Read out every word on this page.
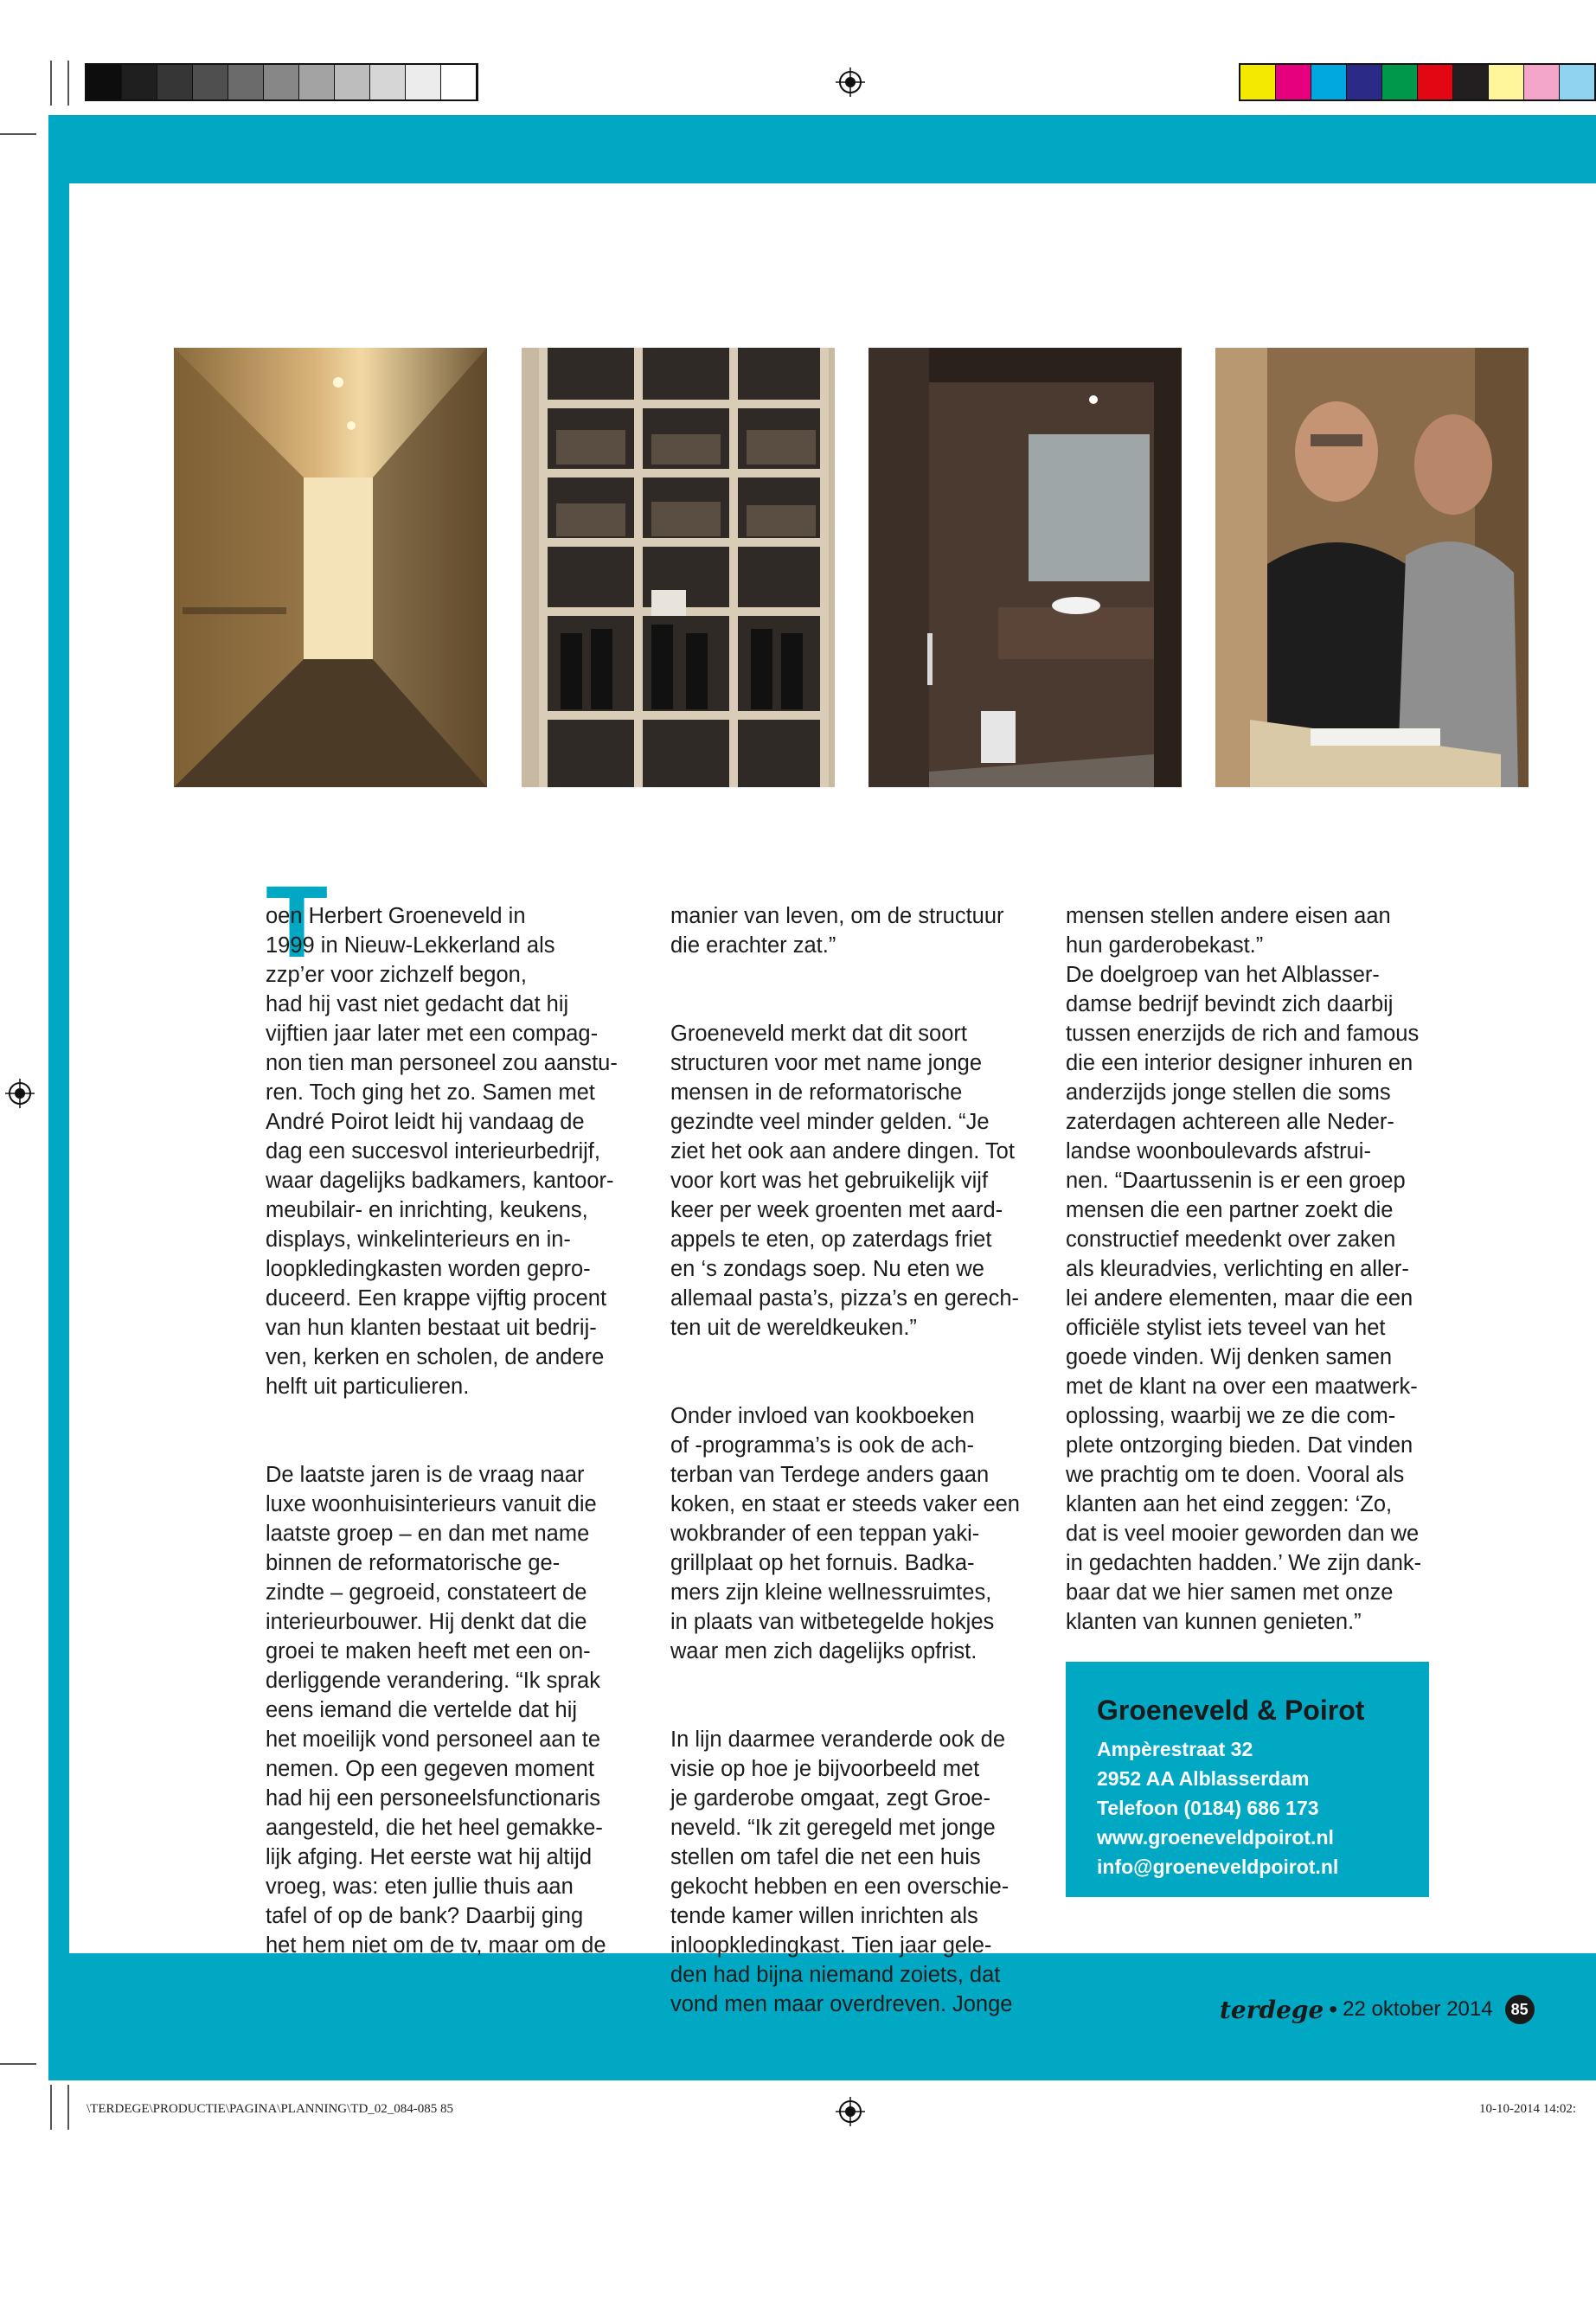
T

oen Herbert Groeneveld in
1999 in Nieuw-Lekkerland als
zzp’er voor zichzelf begon,
had hij vast niet gedacht dat hij
vijftien jaar later met een compag-
non tien man personeel zou aanstu-
ren. Toch ging het zo. Samen met
André Poirot leidt hij vandaag de
dag een succesvol interieurbedrijf,
waar dagelijks badkamers, kantoor-
meubilair- en inrichting, keukens,
displays, winkelinterieurs en in-
loopkledingkasten worden gepro-
duceerd. Een krappe vijftig procent
van hun klanten bestaat uit bedrij-
ven, kerken en scholen, de andere
helft uit particulieren.

De laatste jaren is de vraag naar
luxe woonhuisinterieurs vanuit die
laatste groep – en dan met name
binnen de reformatorische ge-
zindte – gegroeid, constateert de
interieurbouwer. Hij denkt dat die
groei te maken heeft met een on-
derliggende verandering. “Ik sprak
eens iemand die vertelde dat hij
het moeilijk vond personeel aan te
nemen. Op een gegeven moment
had hij een personeelsfunctionaris
aangesteld, die het heel gemakke-
lijk afging. Het eerste wat hij altijd
vroeg, was: eten jullie thuis aan
tafel of op de bank? Daarbij ging
het hem niet om de tv, maar om de

manier van leven, om de structuur
die erachter zat.”

Groeneveld merkt dat dit soort
structuren voor met name jonge
mensen in de reformatorische
gezindte veel minder gelden. “Je
ziet het ook aan andere dingen. Tot
voor kort was het gebruikelijk vijf
keer per week groenten met aard-
appels te eten, op zaterdags friet
en ‘s zondags soep. Nu eten we
allemaal pasta’s, pizza’s en gerech-
ten uit de wereldkeuken.”

Onder invloed van kookboeken
of -programma’s is ook de ach-
terban van Terdege anders gaan
koken, en staat er steeds vaker een
wokbrander of een teppan yaki-
grillplaat op het fornuis. Badka-
mers zijn kleine wellnessruimtes,
in plaats van witbetegelde hokjes
waar men zich dagelijks opfrist.

In lijn daarmee veranderde ook de
visie op hoe je bijvoorbeeld met
je garderobe omgaat, zegt Groe-
neveld. “Ik zit geregeld met jonge
stellen om tafel die net een huis
gekocht hebben en een overschie-
tende kamer willen inrichten als
inloopkledingkast. Tien jaar gele-
den had bijna niemand zoiets, dat
vond men maar overdreven. Jonge

mensen stellen andere eisen aan
hun garderobekast.”
De doelgroep van het Alblasser-
damse bedrijf bevindt zich daarbij
tussen enerzijds de rich and famous
die een interior designer inhuren en
anderzijds jonge stellen die soms
zaterdagen achtereen alle Neder-
landse woonboulevards afstrui-
nen. “Daartussenin is er een groep
mensen die een partner zoekt die
constructief meedenkt over zaken
als kleuradvies, verlichting en aller-
lei andere elementen, maar die een
officiële stylist iets teveel van het
goede vinden. Wij denken samen
met de klant na over een maatwerk-
oplossing, waarbij we ze die com-
plete ontzorging bieden. Dat vinden
we prachtig om te doen. Vooral als
klanten aan het eind zeggen: ‘Zo,
dat is veel mooier geworden dan we
in gedachten hadden.’ We zijn dank-
baar dat we hier samen met onze
klanten van kunnen genieten.”

Groeneveld & Poirot
Ampèrestraat 32
2952 AA Alblasserdam
Telefoon (0184) 686 173
www.groeneveldpoirot.nl
info@groeneveldpoirot.nl
terdege • 22 oktober 2014	85
\TERDEGE\PRODUCTIE\PAGINA\PLANNING\TD_02_084-085 85	10-10-2014 14:02:
